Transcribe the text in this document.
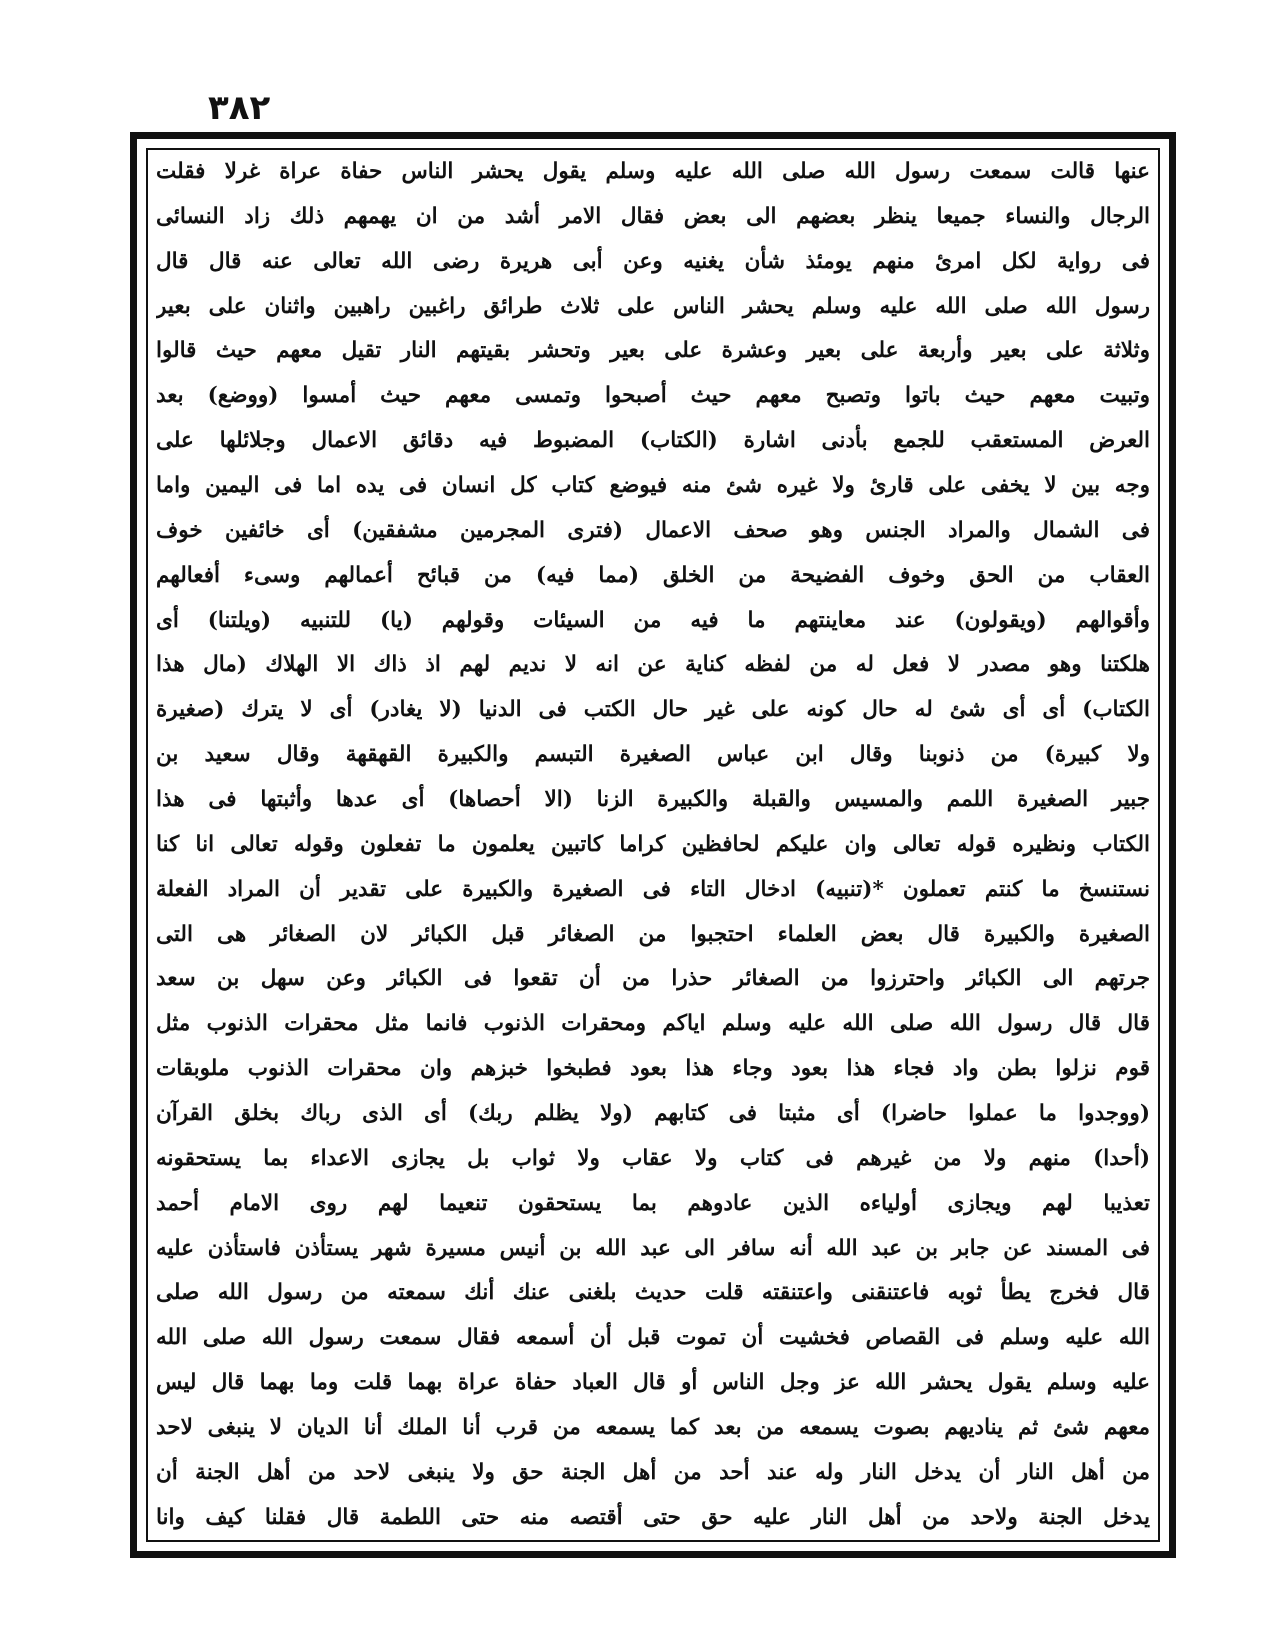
٣٨٢
عنها قالت سمعت رسول الله صلى الله عليه وسلم يقول يحشر الناس حفاة عراة غرلا فقلت
الرجال والنساء جميعا ينظر بعضهم الى بعض فقال الامر أشد من ان يهمهم ذلك زاد النسائى
فى رواية لكل امرئ منهم يومئذ شأن يغنيه وعن أبى هريرة رضى الله تعالى عنه قال قال
رسول الله صلى الله عليه وسلم يحشر الناس على ثلاث طرائق راغبين راهبين واثنان على بعير
وثلاثة على بعير وأربعة على بعير وعشرة على بعير وتحشر بقيتهم النار تقيل معهم حيث قالوا
وتبيت معهم حيث باتوا وتصبح معهم حيث أصبحوا وتمسى معهم حيث أمسوا (ووضع) بعد
العرض المستعقب للجمع بأدنى اشارة (الكتاب) المضبوط فيه دقائق الاعمال وجلائلها على
وجه بين لا يخفى على قارئ ولا غيره شئ منه فيوضع كتاب كل انسان فى يده اما فى اليمين واما
فى الشمال والمراد الجنس وهو صحف الاعمال (فترى المجرمين مشفقين) أى خائفين خوف
العقاب من الحق وخوف الفضيحة من الخلق (مما فيه) من قبائح أعمالهم وسىء أفعالهم
وأقوالهم (ويقولون) عند معاينتهم ما فيه من السيئات وقولهم (يا) للتنبيه (ويلتنا) أى
هلكتنا وهو مصدر لا فعل له من لفظه كناية عن انه لا نديم لهم اذ ذاك الا الهلاك (مال هذا
الكتاب) أى أى شئ له حال كونه على غير حال الكتب فى الدنيا (لا يغادر) أى لا يترك (صغيرة
ولا كبيرة) من ذنوبنا وقال ابن عباس الصغيرة التبسم والكبيرة القهقهة وقال سعيد بن
جبير الصغيرة اللمم والمسيس والقبلة والكبيرة الزنا (الا أحصاها) أى عدها وأثبتها فى هذا
الكتاب ونظيره قوله تعالى وان عليكم لحافظين كراما كاتبين يعلمون ما تفعلون وقوله تعالى انا كنا
نستنسخ ما كنتم تعملون *(تنبيه) ادخال التاء فى الصغيرة والكبيرة على تقدير أن المراد الفعلة
الصغيرة والكبيرة قال بعض العلماء احتجبوا من الصغائر قبل الكبائر لان الصغائر هى التى
جرتهم الى الكبائر واحترزوا من الصغائر حذرا من أن تقعوا فى الكبائر وعن سهل بن سعد
قال قال رسول الله صلى الله عليه وسلم اياكم ومحقرات الذنوب فانما مثل محقرات الذنوب مثل
قوم نزلوا بطن واد فجاء هذا بعود وجاء هذا بعود فطبخوا خبزهم وان محقرات الذنوب ملوبقات
(ووجدوا ما عملوا حاضرا) أى مثبتا فى كتابهم (ولا يظلم ربك) أى الذى رباك بخلق القرآن
(أحدا) منهم ولا من غيرهم فى كتاب ولا عقاب ولا ثواب بل يجازى الاعداء بما يستحقونه
تعذيبا لهم ويجازى أولياءه الذين عادوهم بما يستحقون تنعيما لهم روى الامام أحمد
فى المسند عن جابر بن عبد الله أنه سافر الى عبد الله بن أنيس مسيرة شهر يستأذن فاستأذن عليه
قال فخرج يطأ ثوبه فاعتنقنى واعتنقته قلت حديث بلغنى عنك أنك سمعته من رسول الله صلى
الله عليه وسلم فى القصاص فخشيت أن تموت قبل أن أسمعه فقال سمعت رسول الله صلى الله
عليه وسلم يقول يحشر الله عز وجل الناس أو قال العباد حفاة عراة بهما قلت وما بهما قال ليس
معهم شئ ثم يناديهم بصوت يسمعه من بعد كما يسمعه من قرب أنا الملك أنا الديان لا ينبغى لاحد
من أهل النار أن يدخل النار وله عند أحد من أهل الجنة حق ولا ينبغى لاحد من أهل الجنة أن
يدخل الجنة ولاحد من أهل النار عليه حق حتى أقتصه منه حتى اللطمة قال فقلنا كيف وانا
